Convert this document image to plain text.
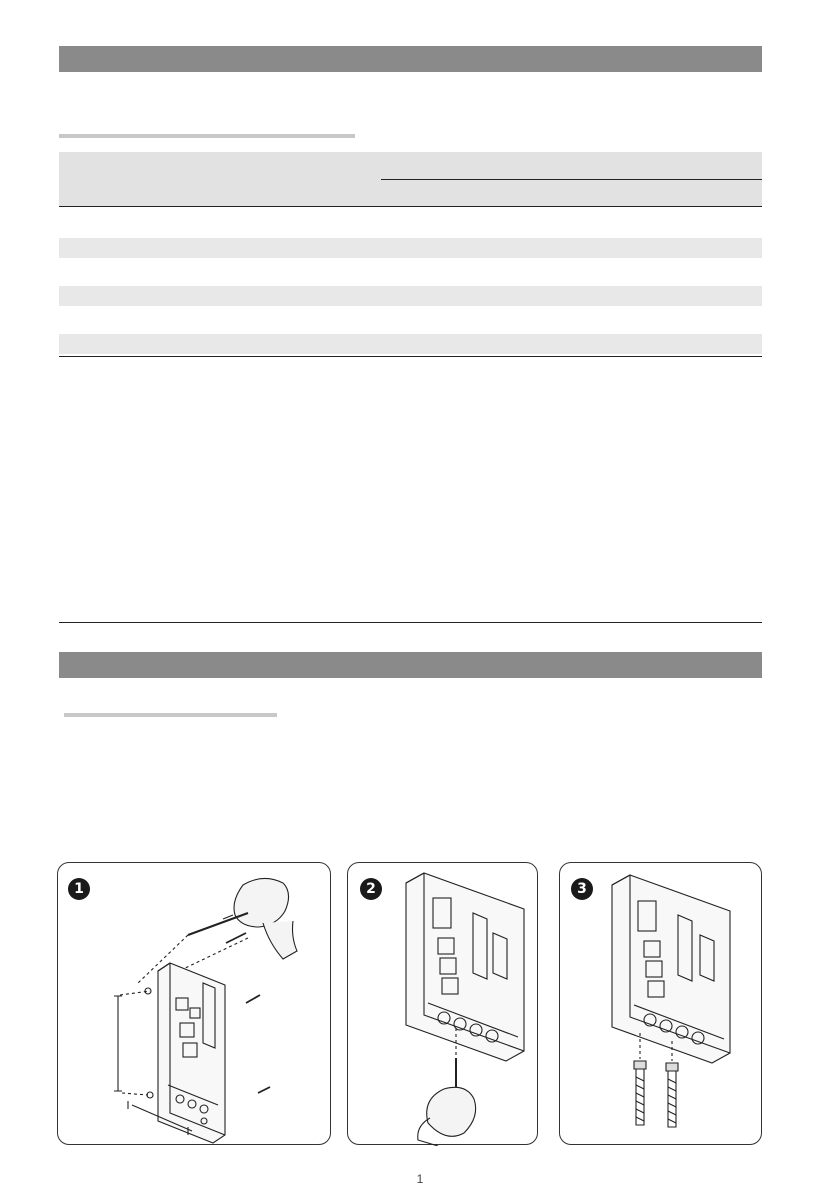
1	2	3
1
